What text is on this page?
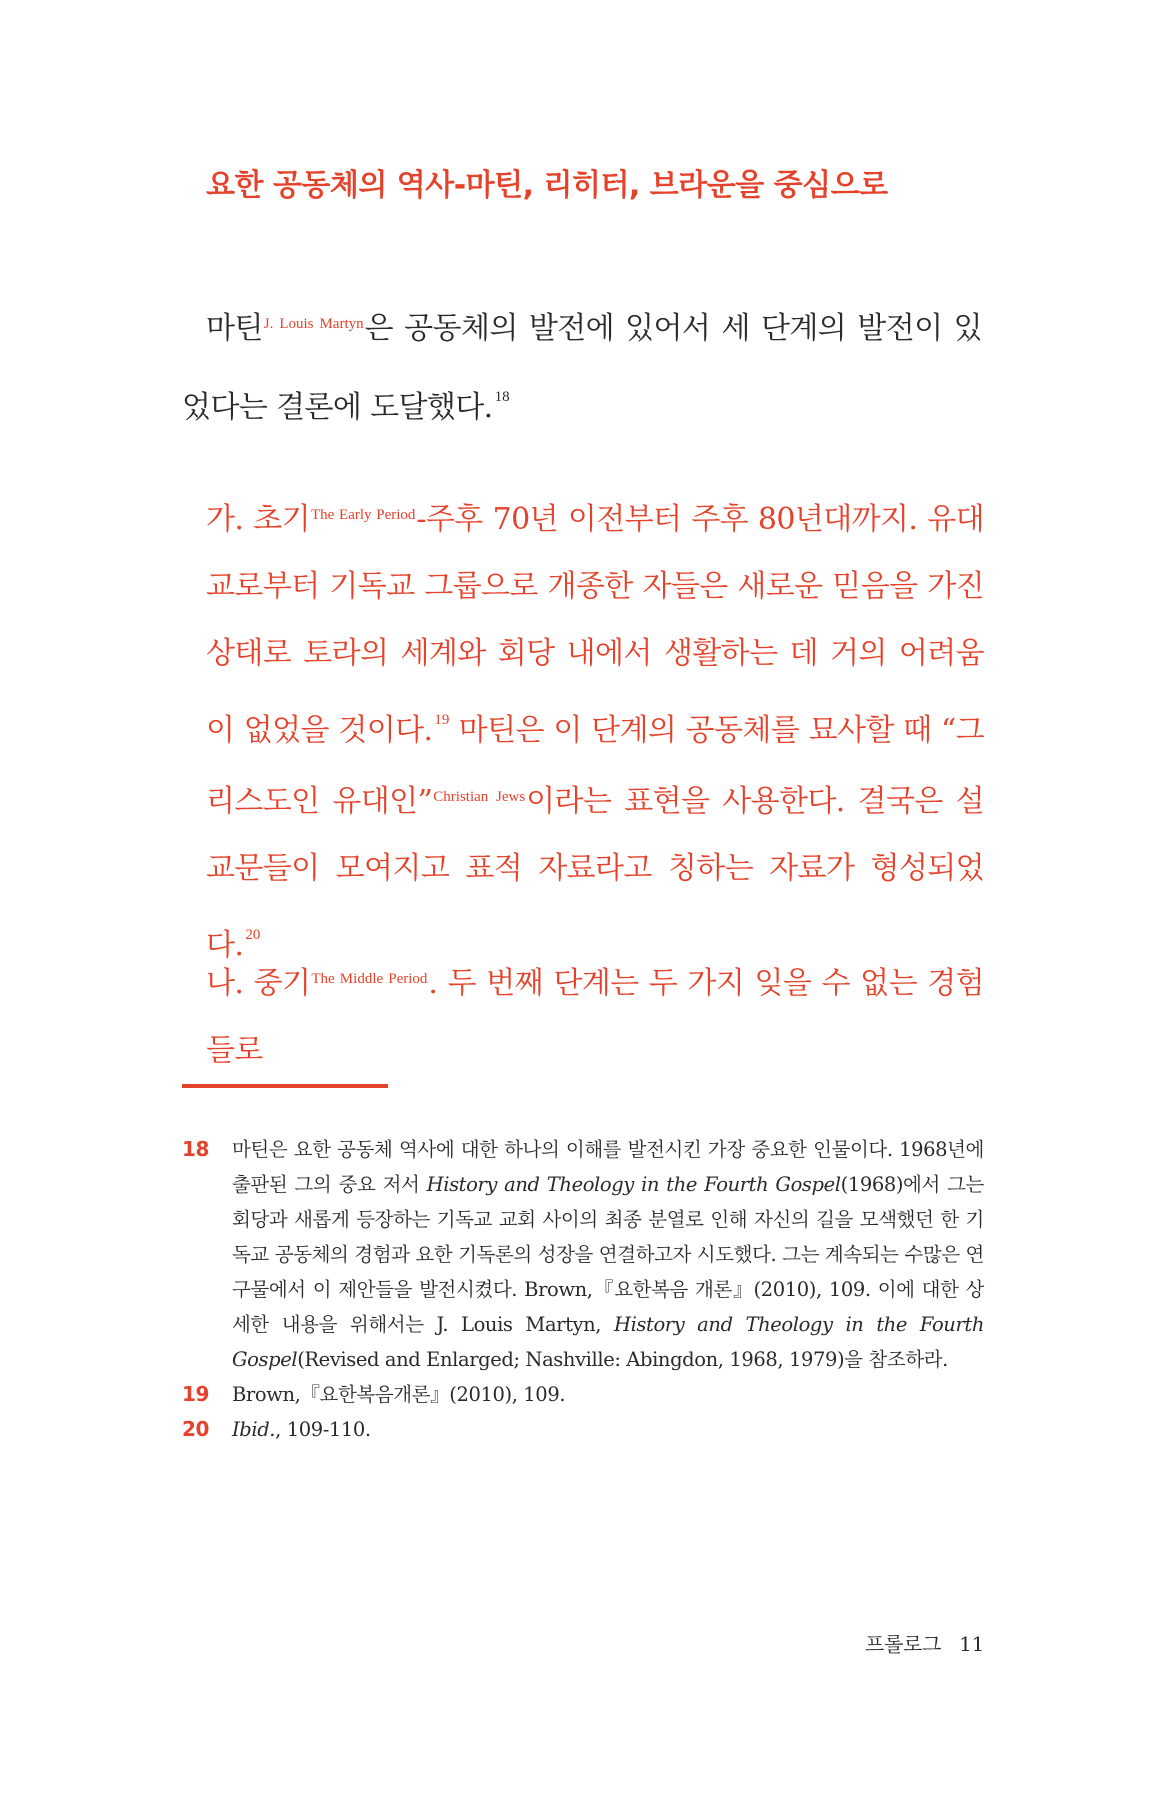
요한 공동체의 역사-마틴, 리히터, 브라운을 중심으로

마틴$^{J. Louis Martyn}$은 공동체의 발전에 있어서 세 단계의 발전이 있었다는 결론에 도달했다. $^{18}$

가. 초기$^{The Early Period}$-주후 70년 이전부터 주후 80년대까지. 유대교로부터 기독교 그룹으로 개종한 자들은 새로운 믿음을 가진 상태로 토라의 세계와 회당 내에서 생활하는 데 거의 어려움이 없었을 것이다. $^{19}$ 마틴은 이 단계의 공동체를 묘사할 때 “그리스도인 유대인”$^{Christian Jews}$이라는 표현을 사용한다. 결국은 설교문들이 모여지고 표적 자료라고 칭하는 자료가 형성되었다. $^{20}$

나. 중기$^{The Middle Period}$. 두 번째 단계는 두 가지 잊을 수 없는 경험들로

18	마틴은 요한 공동체 역사에 대한 하나의 이해를 발전시킨 가장 중요한 인물이다. 1968년에 출판된 그의 중요 저서 History and Theology in the Fourth Gospel(1968)에서 그는 회당과 새롭게 등장하는 기독교 교회 사이의 최종 분열로 인해 자신의 길을 모색했던 한 기독교 공동체의 경험과 요한 기독론의 성장을 연결하고자 시도했다. 그는 계속되는 수많은 연구물에서 이 제안들을 발전시켰다. Brown,『요한복음 개론』(2010), 109. 이에 대한 상세한 내용을 위해서는 J. Louis Martyn, History and Theology in the Fourth Gospel(Revised and Enlarged; Nashville: Abingdon, 1968, 1979)을 참조하라.
19	Brown,『요한복음개론』(2010), 109.
20	Ibid., 109-110.
프롤로그 11
